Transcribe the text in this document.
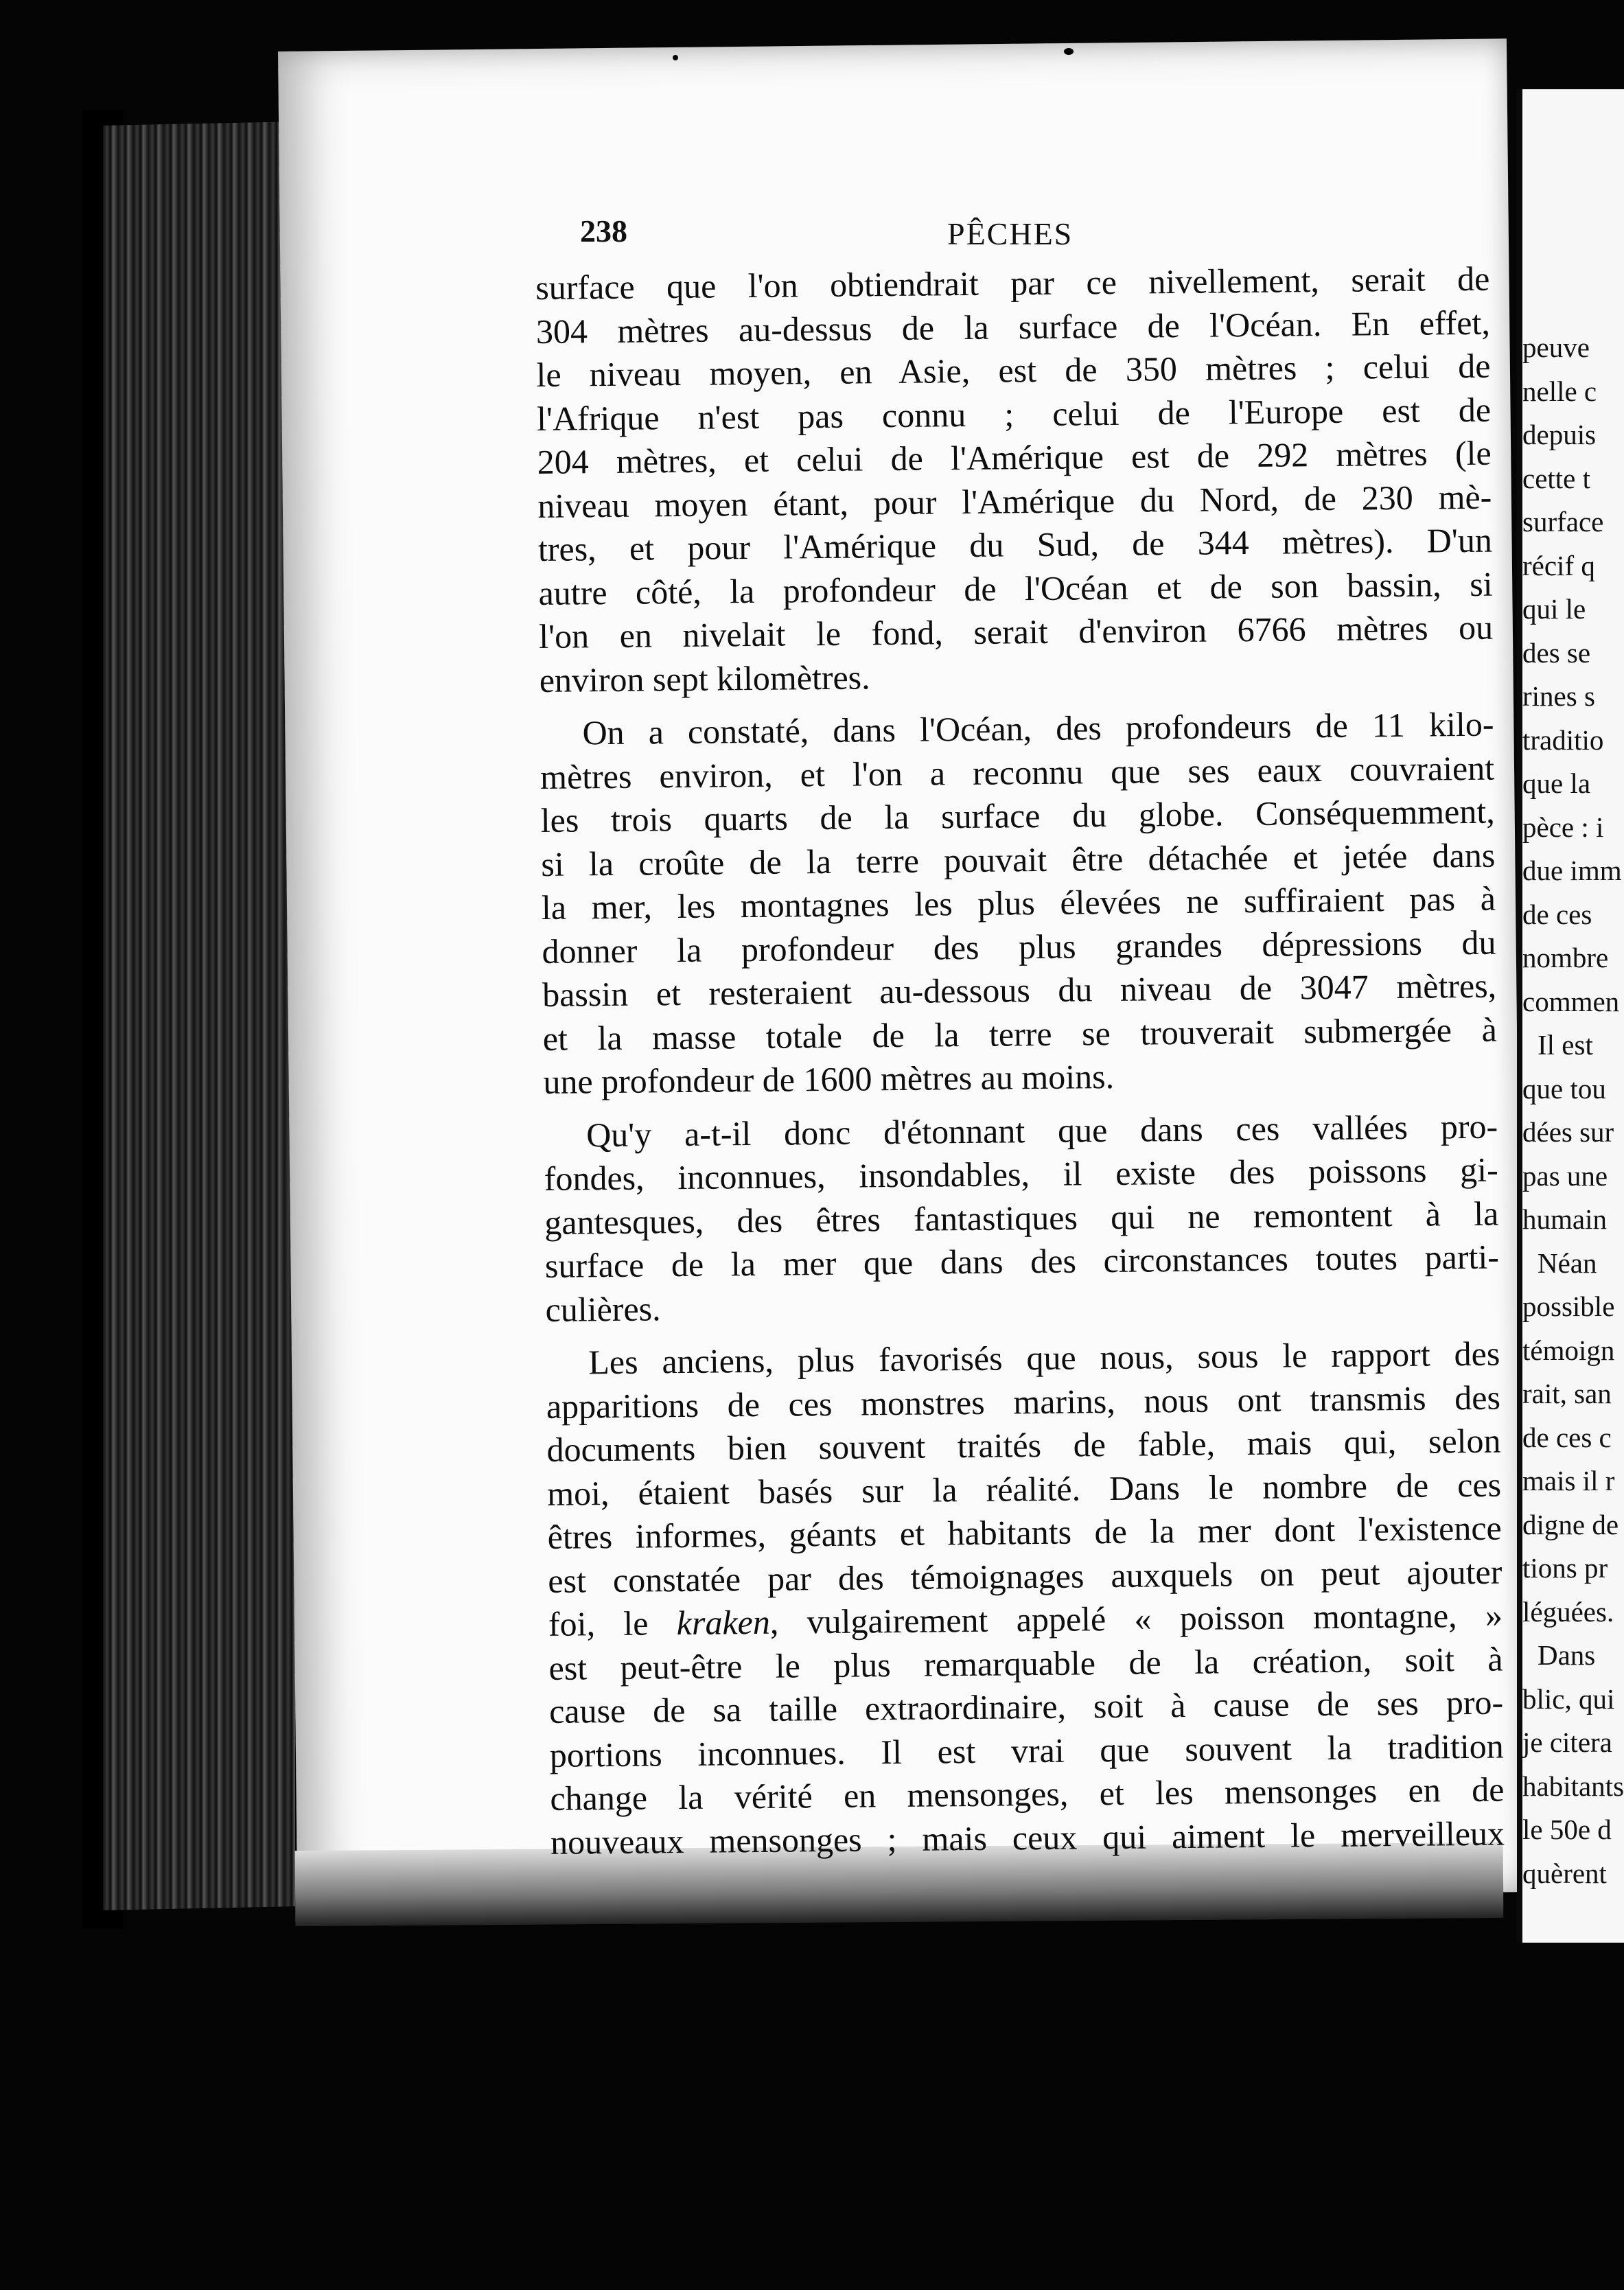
238	PÊCHES
surface que l'on obtiendrait par ce nivellement, serait de
304 mètres au-dessus de la surface de l'Océan. En effet,
le niveau moyen, en Asie, est de 350 mètres ; celui de
l'Afrique n'est pas connu ; celui de l'Europe est de
204 mètres, et celui de l'Amérique est de 292 mètres (le
niveau moyen étant, pour l'Amérique du Nord, de 230 mè-
tres, et pour l'Amérique du Sud, de 344 mètres). D'un
autre côté, la profondeur de l'Océan et de son bassin, si
l'on en nivelait le fond, serait d'environ 6766 mètres ou
environ sept kilomètres.
On a constaté, dans l'Océan, des profondeurs de 11 kilo-
mètres environ, et l'on a reconnu que ses eaux couvraient
les trois quarts de la surface du globe. Conséquemment,
si la croûte de la terre pouvait être détachée et jetée dans
la mer, les montagnes les plus élevées ne suffiraient pas à
donner la profondeur des plus grandes dépressions du
bassin et resteraient au-dessous du niveau de 3047 mètres,
et la masse totale de la terre se trouverait submergée à
une profondeur de 1600 mètres au moins.
Qu'y a-t-il donc d'étonnant que dans ces vallées pro-
fondes, inconnues, insondables, il existe des poissons gi-
gantesques, des êtres fantastiques qui ne remontent à la
surface de la mer que dans des circonstances toutes parti-
culières.
Les anciens, plus favorisés que nous, sous le rapport des
apparitions de ces monstres marins, nous ont transmis des
documents bien souvent traités de fable, mais qui, selon
moi, étaient basés sur la réalité. Dans le nombre de ces
êtres informes, géants et habitants de la mer dont l'existence
est constatée par des témoignages auxquels on peut ajouter
foi, le kraken, vulgairement appelé « poisson montagne, »
est peut-être le plus remarquable de la création, soit à
cause de sa taille extraordinaire, soit à cause de ses pro-
portions inconnues. Il est vrai que souvent la tradition
change la vérité en mensonges, et les mensonges en de
nouveaux mensonges ; mais ceux qui aiment le merveilleux
peuve
nelle c
depuis
cette t
surface
récif q
qui le
des se
rines s
traditio
que la
pèce : i
due imm
de ces
nombre
commen
Il est
que tou
dées sur
pas une
humain
Néan
possible
témoign
rait, san
de ces c
mais il r
digne de
tions pr
léguées.
Dans
blic, qui
je citera
habitants
le 50e d
quèrent
